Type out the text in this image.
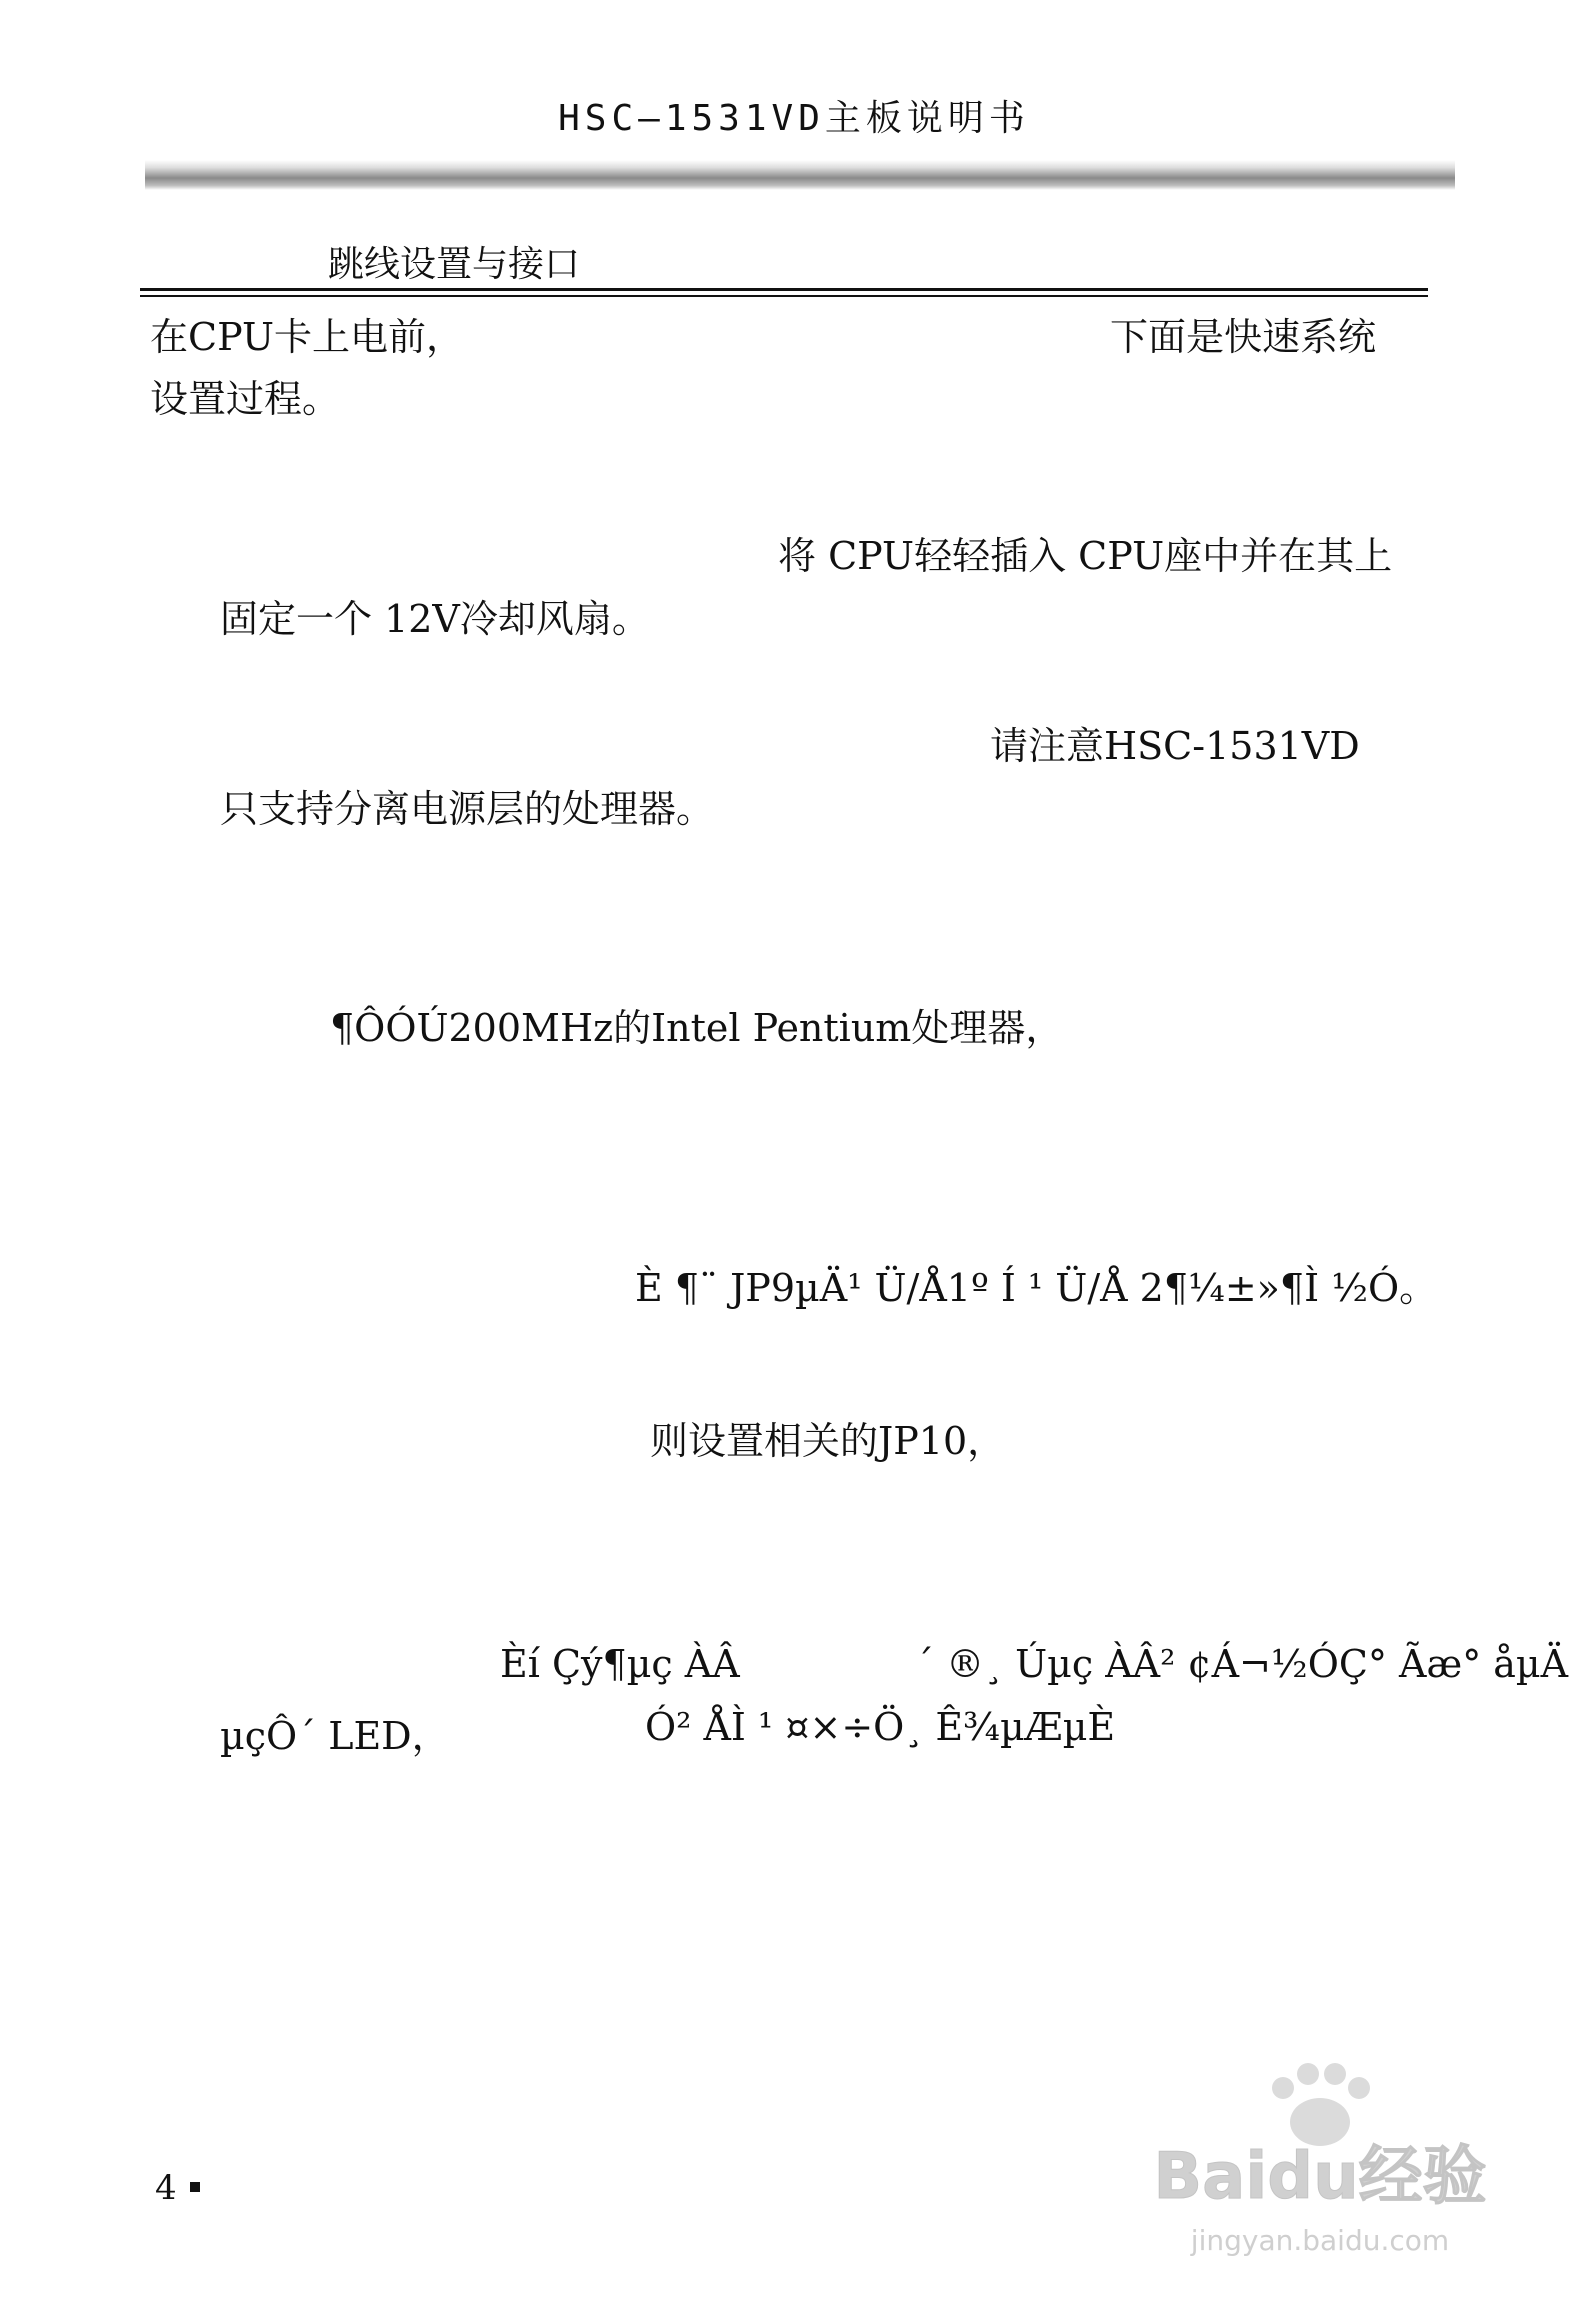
HSC—1531VD主板说明书
跳线设置与接口
在CPU卡上电前，	下面是快速系统
设置过程。
将 CPU轻轻插入 CPU座中并在其上
固定一个 12V冷却风扇。
请注意HSC-1531VD
只支持分离电源层的处理器。
¶ÔÓÚ200MHz的Intel Pentium处理器，
È ¶¨ JP9µÄ¹ Ü/Å1º Í ¹ Ü/Å 2¶¼±»¶Ì ½Ó。
则设置相关的JP10，
Èí Çý¶µç ÀÂ	´ ®¸ Úµç ÀÂ² ¢Á¬½ÓÇ° Ãæ° åµÄ
µçÔ´ LED，	Ó² ÅÌ ¹ ¤×÷Ö¸ Ê¾µÆµÈ
4	Baidu经验
jingyan.baidu.com
